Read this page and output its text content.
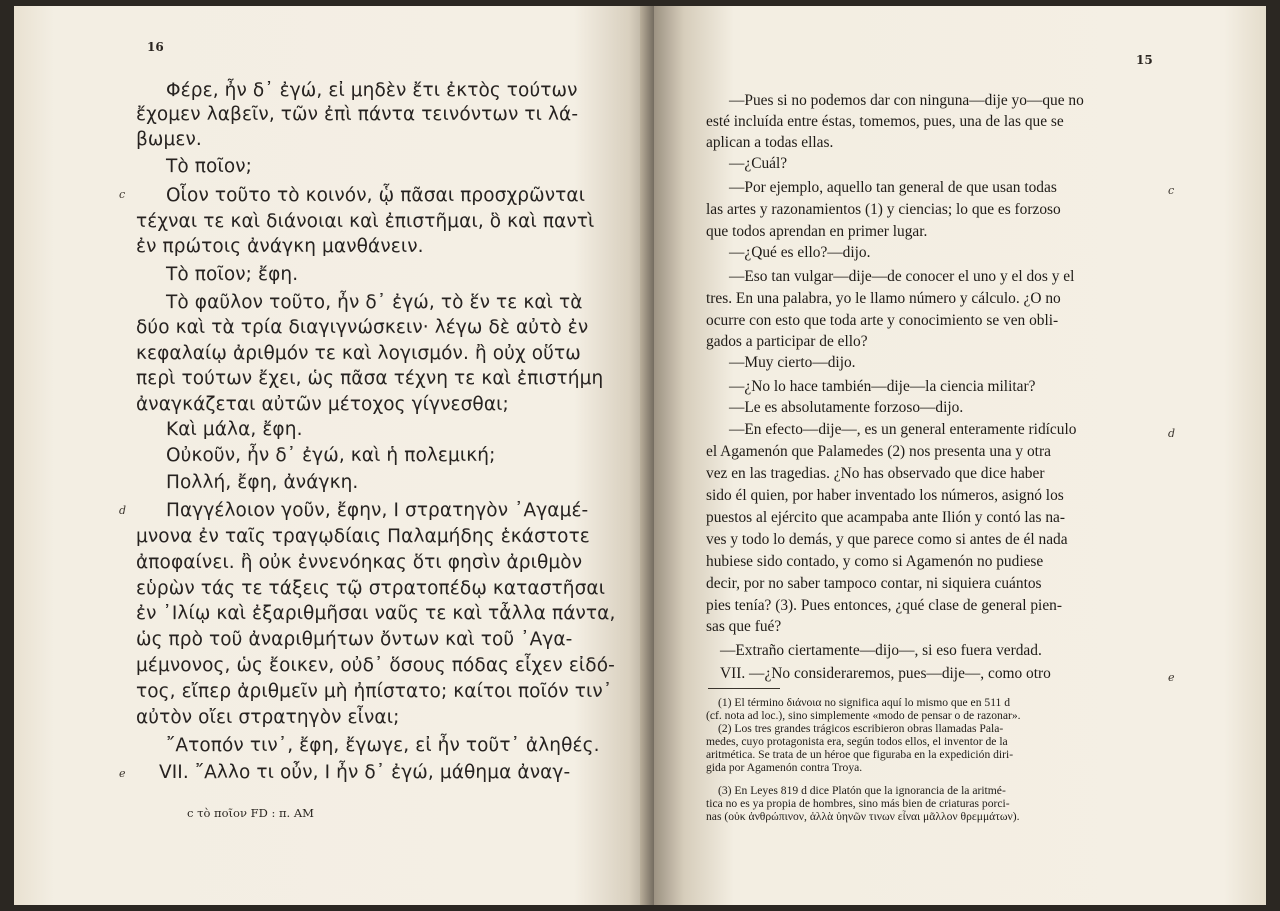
16
Φέρε, ἦν δ᾽ ἐγώ, εἰ μηδὲν ἔτι ἐκτὸς τούτων
ἔχομεν λαβεῖν, τῶν ἐπὶ πάντα τεινόντων τι λά-
βωμεν.
Τὸ ποῖον;
Οἷον τοῦτο τὸ κοινόν, ᾧ πᾶσαι προσχρῶνται
τέχναι τε καὶ διάνοιαι καὶ ἐπιστῆμαι, ὃ καὶ παντὶ
ἐν πρώτοις ἀνάγκη μανθάνειν.
Τὸ ποῖον; ἔφη.
Τὸ φαῦλον τοῦτο, ἦν δ᾽ ἐγώ, τὸ ἕν τε καὶ τὰ
δύο καὶ τὰ τρία διαγιγνώσκειν· λέγω δὲ αὐτὸ ἐν
κεφαλαίῳ ἀριθμόν τε καὶ λογισμόν. ἢ οὐχ οὕτω
περὶ τούτων ἔχει, ὡς πᾶσα τέχνη τε καὶ ἐπιστήμη
ἀναγκάζεται αὐτῶν μέτοχος γίγνεσθαι;
Καὶ μάλα, ἔφη.
Οὐκοῦν, ἦν δ᾽ ἐγώ, καὶ ἡ πολεμική;
Πολλή, ἔφη, ἀνάγκη.
Παγγέλοιον γοῦν, ἔφην, Ι στρατηγὸν ᾿Αγαμέ-
μνονα ἐν ταῖς τραγῳδίαις Παλαμήδης ἑκάστοτε
ἀποφαίνει. ἢ οὐκ ἐννενόηκας ὅτι φησὶν ἀριθμὸν
εὑρὼν τάς τε τάξεις τῷ στρατοπέδῳ καταστῆσαι
ἐν ᾿Ιλίῳ καὶ ἐξαριθμῆσαι ναῦς τε καὶ τἆλλα πάντα,
ὡς πρὸ τοῦ ἀναριθμήτων ὄντων καὶ τοῦ ᾿Αγα-
μέμνονος, ὡς ἔοικεν, οὐδ᾽ ὅσους πόδας εἶχεν εἰδό-
τος, εἴπερ ἀριθμεῖν μὴ ἠπίστατο; καίτοι ποῖόν τιν᾽
αὐτὸν οἴει στρατηγὸν εἶναι;
῎Ατοπόν τιν᾽, ἔφη, ἔγωγε, εἰ ἦν τοῦτ᾽ ἀληθές.
VII. ῎Αλλο τι οὖν, Ι ἦν δ᾽ ἐγώ, μάθημα ἀναγ-
c
d
e
c τὸ ποῖον FD : π. AM
15
—Pues si no podemos dar con ninguna—dije yo—que no
esté incluída entre éstas, tomemos, pues, una de las que se
aplican a todas ellas.
—¿Cuál?
—Por ejemplo, aquello tan general de que usan todas
las artes y razonamientos (1) y ciencias; lo que es forzoso
que todos aprendan en primer lugar.
—¿Qué es ello?—dijo.
—Eso tan vulgar—dije—de conocer el uno y el dos y el
tres. En una palabra, yo le llamo número y cálculo. ¿O no
ocurre con esto que toda arte y conocimiento se ven obli-
gados a participar de ello?
—Muy cierto—dijo.
—¿No lo hace también—dije—la ciencia militar?
—Le es absolutamente forzoso—dijo.
—En efecto—dije—, es un general enteramente ridículo
el Agamenón que Palamedes (2) nos presenta una y otra
vez en las tragedias. ¿No has observado que dice haber
sido él quien, por haber inventado los números, asignó los
puestos al ejército que acampaba ante Ilión y contó las na-
ves y todo lo demás, y que parece como si antes de él nada
hubiese sido contado, y como si Agamenón no pudiese
decir, por no saber tampoco contar, ni siquiera cuántos
pies tenía? (3). Pues entonces, ¿qué clase de general pien-
sas que fué?
—Extraño ciertamente—dijo—, si eso fuera verdad.
VII. —¿No consideraremos, pues—dije—, como otro
c
d
e
(1) El término διάνοια no significa aquí lo mismo que en 511 d
(cf. nota ad loc.), sino simplemente «modo de pensar o de razonar».
(2) Los tres grandes trágicos escribieron obras llamadas Pala-
medes, cuyo protagonista era, según todos ellos, el inventor de la
aritmética. Se trata de un héroe que figuraba en la expedición diri-
gida por Agamenón contra Troya.
(3) En Leyes 819 d dice Platón que la ignorancia de la aritmé-
tica no es ya propia de hombres, sino más bien de criaturas porci-
nas (οὐκ ἀνθρώπινον, ἀλλὰ ὑηνῶν τινων εἶναι μᾶλλον θρεμμάτων).
